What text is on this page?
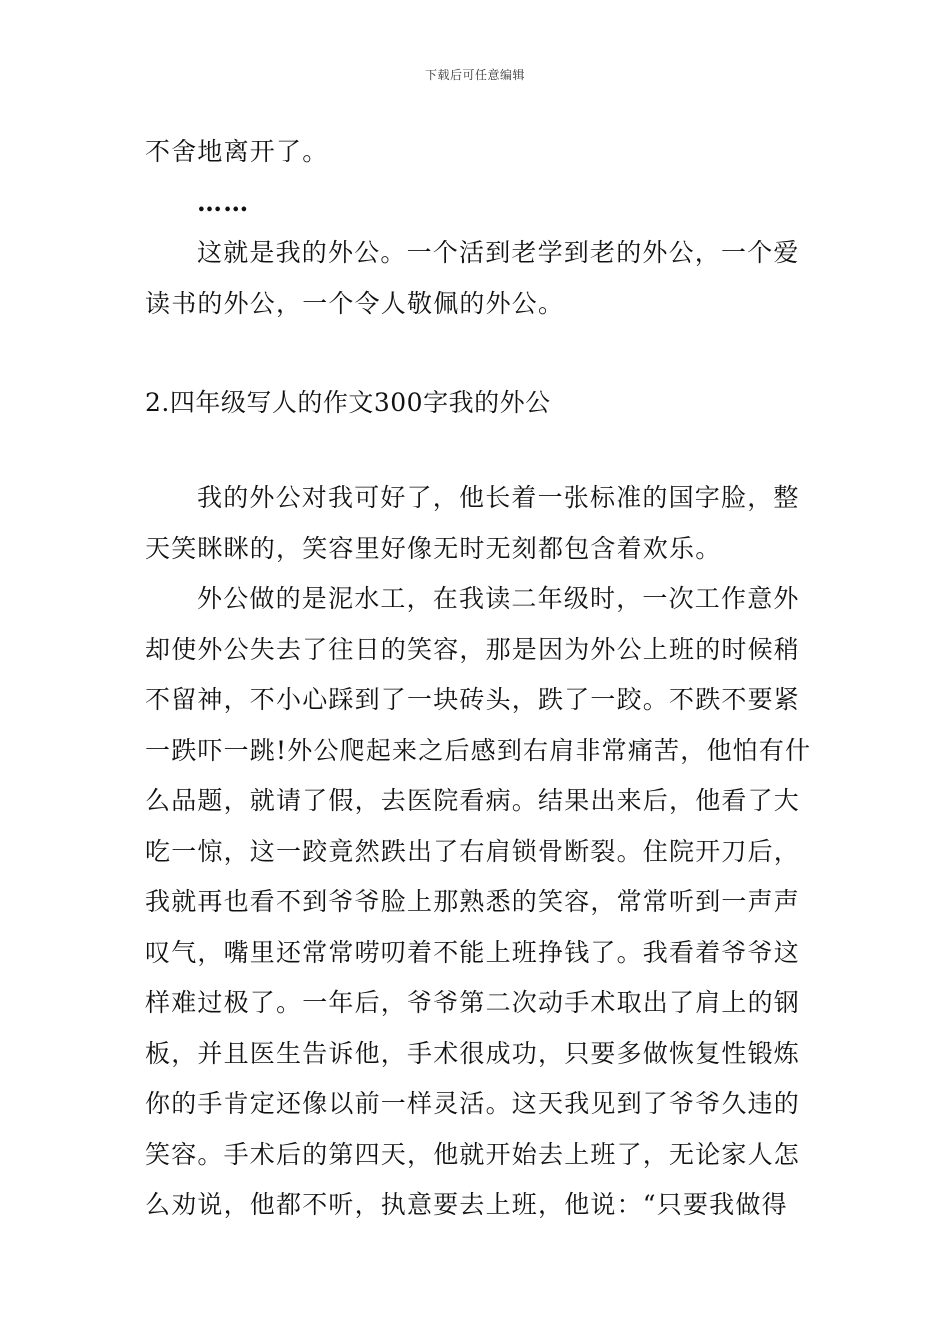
下载后可任意编辑
不舍地离开了。
……
这就是我的外公。一个活到老学到老的外公，一个爱
读书的外公，一个令人敬佩的外公。
2.四年级写人的作文300字我的外公
我的外公对我可好了，他长着一张标准的国字脸，整
天笑眯眯的，笑容里好像无时无刻都包含着欢乐。
外公做的是泥水工，在我读二年级时，一次工作意外
却使外公失去了往日的笑容，那是因为外公上班的时候稍
不留神，不小心踩到了一块砖头，跌了一跤。不跌不要紧
一跌吓一跳!外公爬起来之后感到右肩非常痛苦，他怕有什
么品题，就请了假，去医院看病。结果出来后，他看了大
吃一惊，这一跤竟然跌出了右肩锁骨断裂。住院开刀后，
我就再也看不到爷爷脸上那熟悉的笑容，常常听到一声声
叹气，嘴里还常常唠叨着不能上班挣钱了。我看着爷爷这
样难过极了。一年后，爷爷第二次动手术取出了肩上的钢
板，并且医生告诉他，手术很成功，只要多做恢复性锻炼
你的手肯定还像以前一样灵活。这天我见到了爷爷久违的
笑容。手术后的第四天，他就开始去上班了，无论家人怎
么劝说，他都不听，执意要去上班，他说：“只要我做得
